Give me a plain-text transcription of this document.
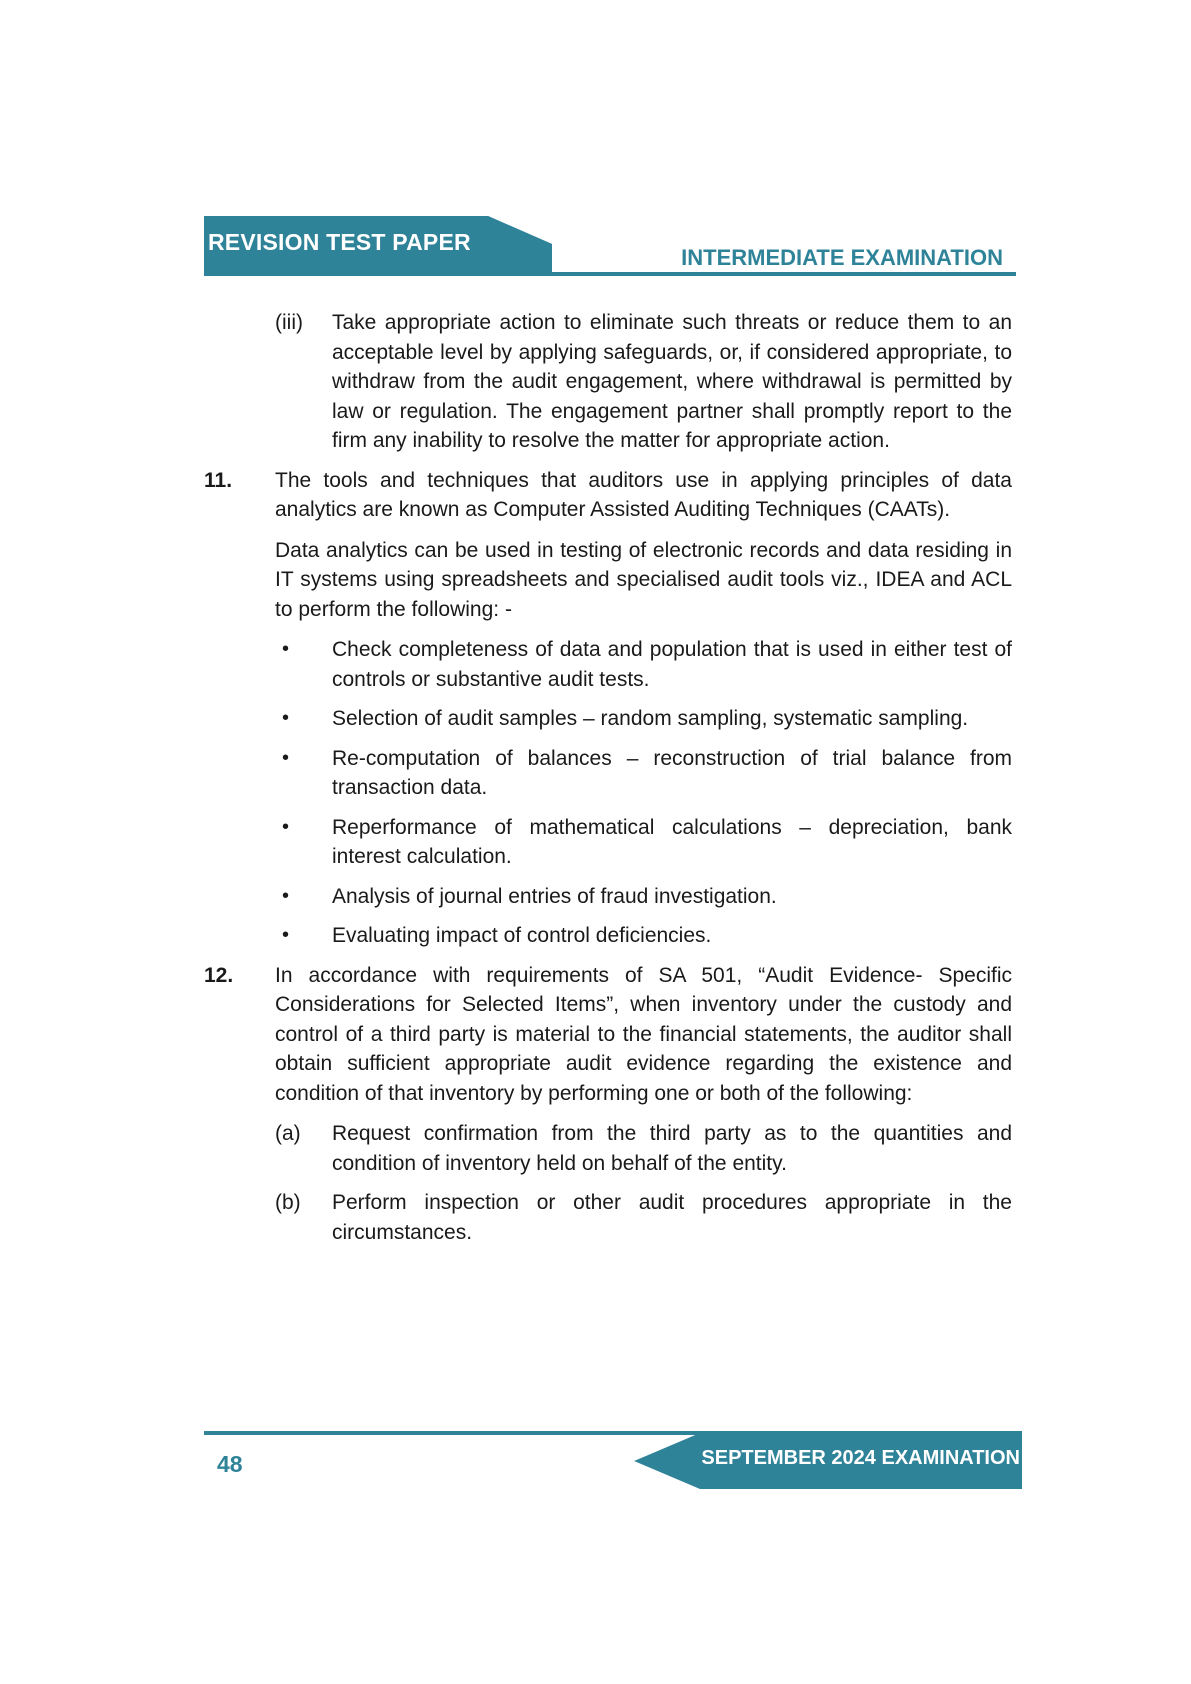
REVISION TEST PAPER
INTERMEDIATE EXAMINATION
(iii) Take appropriate action to eliminate such threats or reduce them to an acceptable level by applying safeguards, or, if considered appropriate, to withdraw from the audit engagement, where withdrawal is permitted by law or regulation. The engagement partner shall promptly report to the firm any inability to resolve the matter for appropriate action.
11. The tools and techniques that auditors use in applying principles of data analytics are known as Computer Assisted Auditing Techniques (CAATs).
Data analytics can be used in testing of electronic records and data residing in IT systems using spreadsheets and specialised audit tools viz., IDEA and ACL to perform the following: -
• Check completeness of data and population that is used in either test of controls or substantive audit tests.
• Selection of audit samples – random sampling, systematic sampling.
• Re-computation of balances – reconstruction of trial balance from transaction data.
• Reperformance of mathematical calculations – depreciation, bank interest calculation.
• Analysis of journal entries of fraud investigation.
• Evaluating impact of control deficiencies.
12. In accordance with requirements of SA 501, “Audit Evidence- Specific Considerations for Selected Items”, when inventory under the custody and control of a third party is material to the financial statements, the auditor shall obtain sufficient appropriate audit evidence regarding the existence and condition of that inventory by performing one or both of the following:
(a) Request confirmation from the third party as to the quantities and condition of inventory held on behalf of the entity.
(b) Perform inspection or other audit procedures appropriate in the circumstances.
48	SEPTEMBER 2024 EXAMINATION
